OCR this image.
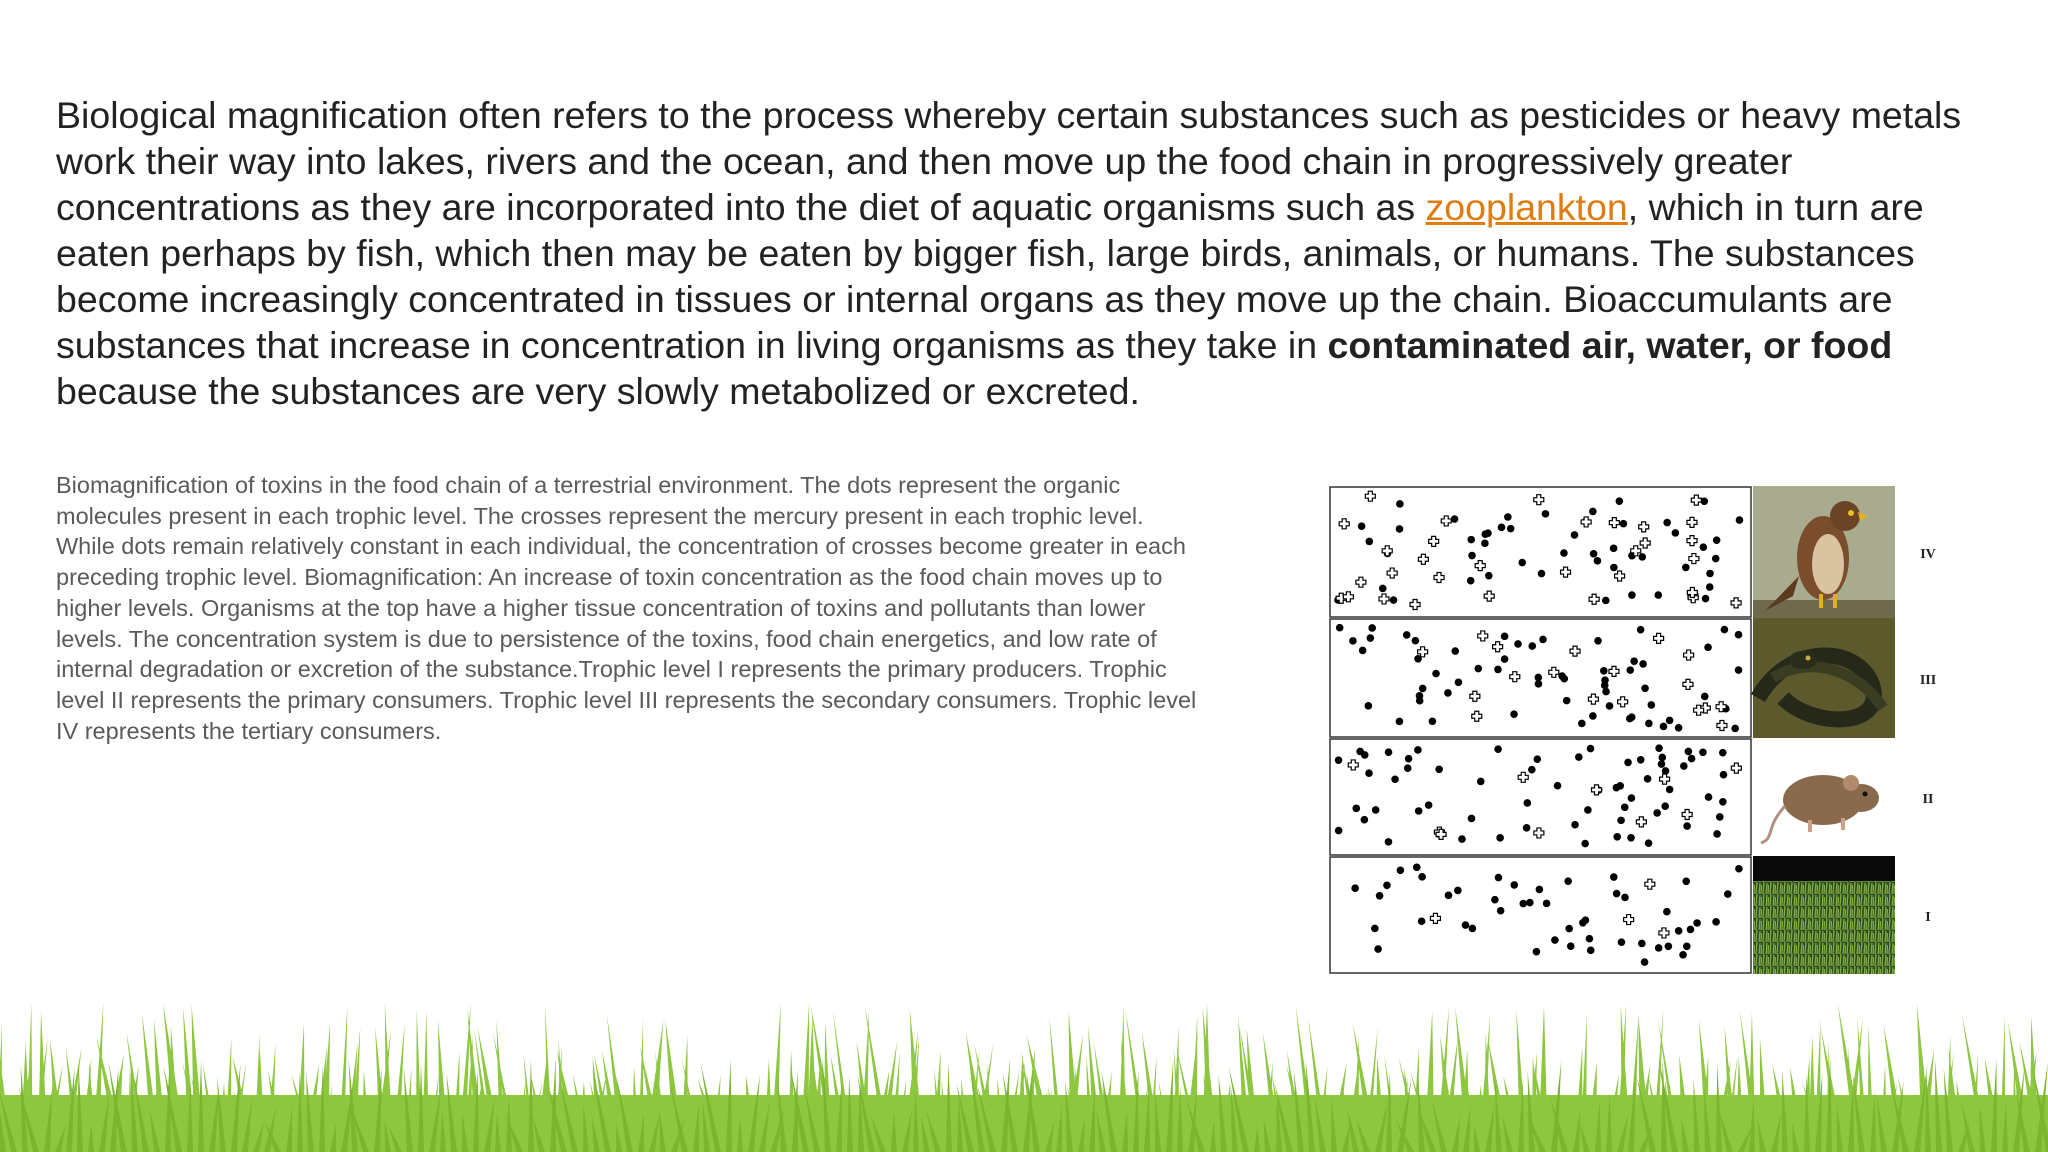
Biological magnification often refers to the process whereby certain substances such as pesticides or heavy metals work their way into lakes, rivers and the ocean, and then move up the food chain in progressively greater concentrations as they are incorporated into the diet of aquatic organisms such as zooplankton, which in turn are eaten perhaps by fish, which then may be eaten by bigger fish, large birds, animals, or humans. The substances become increasingly concentrated in tissues or internal organs as they move up the chain. Bioaccumulants are substances that increase in concentration in living organisms as they take in contaminated air, water, or food because the substances are very slowly metabolized or excreted.

Biomagnification of toxins in the food chain of a terrestrial environment. The dots represent the organic molecules present in each trophic level. The crosses represent the mercury present in each trophic level. While dots remain relatively constant in each individual, the concentration of crosses become greater in each preceding trophic level. Biomagnification: An increase of toxin concentration as the food chain moves up to higher levels. Organisms at the top have a higher tissue concentration of toxins and pollutants than lower levels. The concentration system is due to persistence of the toxins, food chain energetics, and low rate of internal degradation or excretion of the substance.Trophic level I represents the primary producers. Trophic level II represents the primary consumers. Trophic level III represents the secondary consumers. Trophic level IV represents the tertiary consumers.

IV
III
II
I
